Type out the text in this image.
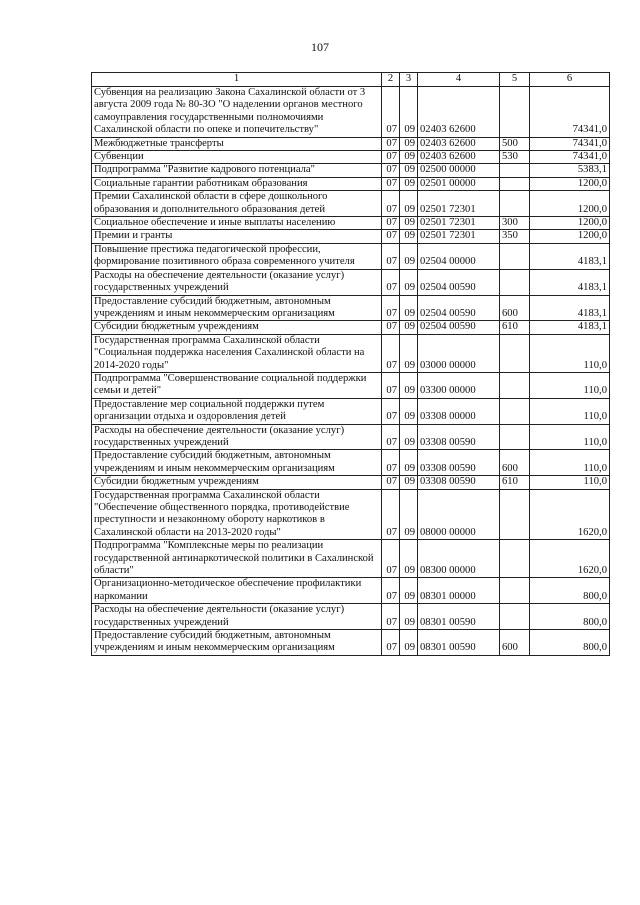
107
1	2	3	4	5	6
Субвенция на реализацию Закона Сахалинской области от 3 августа 2009 года № 80-ЗО "О наделении органов местного самоуправления государственными полномочиями Сахалинской области по опеке и попечительству"	07	09	02403 62600		74341,0
Межбюджетные трансферты	07	09	02403 62600	500	74341,0
Субвенции	07	09	02403 62600	530	74341,0
Подпрограмма "Развитие кадрового потенциала"	07	09	02500 00000		5383,1
Социальные гарантии работникам образования	07	09	02501 00000		1200,0
Премии Сахалинской области в сфере дошкольного образования и дополнительного образования детей	07	09	02501 72301		1200,0
Социальное обеспечение и иные выплаты населению	07	09	02501 72301	300	1200,0
Премии и гранты	07	09	02501 72301	350	1200,0
Повышение престижа педагогической профессии, формирование позитивного образа современного учителя	07	09	02504 00000		4183,1
Расходы на обеспечение деятельности (оказание услуг) государственных учреждений	07	09	02504 00590		4183,1
Предоставление субсидий бюджетным, автономным учреждениям и иным некоммерческим организациям	07	09	02504 00590	600	4183,1
Субсидии бюджетным учреждениям	07	09	02504 00590	610	4183,1
Государственная программа Сахалинской области "Социальная поддержка населения Сахалинской области на 2014-2020 годы"	07	09	03000 00000		110,0
Подпрограмма "Совершенствование социальной поддержки семьи и детей"	07	09	03300 00000		110,0
Предоставление мер социальной поддержки путем организации отдыха и оздоровления детей	07	09	03308 00000		110,0
Расходы на обеспечение деятельности (оказание услуг) государственных учреждений	07	09	03308 00590		110,0
Предоставление субсидий бюджетным, автономным учреждениям и иным некоммерческим организациям	07	09	03308 00590	600	110,0
Субсидии бюджетным учреждениям	07	09	03308 00590	610	110,0
Государственная программа Сахалинской области "Обеспечение общественного порядка, противодействие преступности и незаконному обороту наркотиков в Сахалинской области на 2013-2020 годы"	07	09	08000 00000		1620,0
Подпрограмма "Комплексные меры по реализации государственной антинаркотической политики в Сахалинской области"	07	09	08300 00000		1620,0
Организационно-методическое обеспечение профилактики наркомании	07	09	08301 00000		800,0
Расходы на обеспечение деятельности (оказание услуг) государственных учреждений	07	09	08301 00590		800,0
Предоставление субсидий бюджетным, автономным учреждениям и иным некоммерческим организациям	07	09	08301 00590	600	800,0
